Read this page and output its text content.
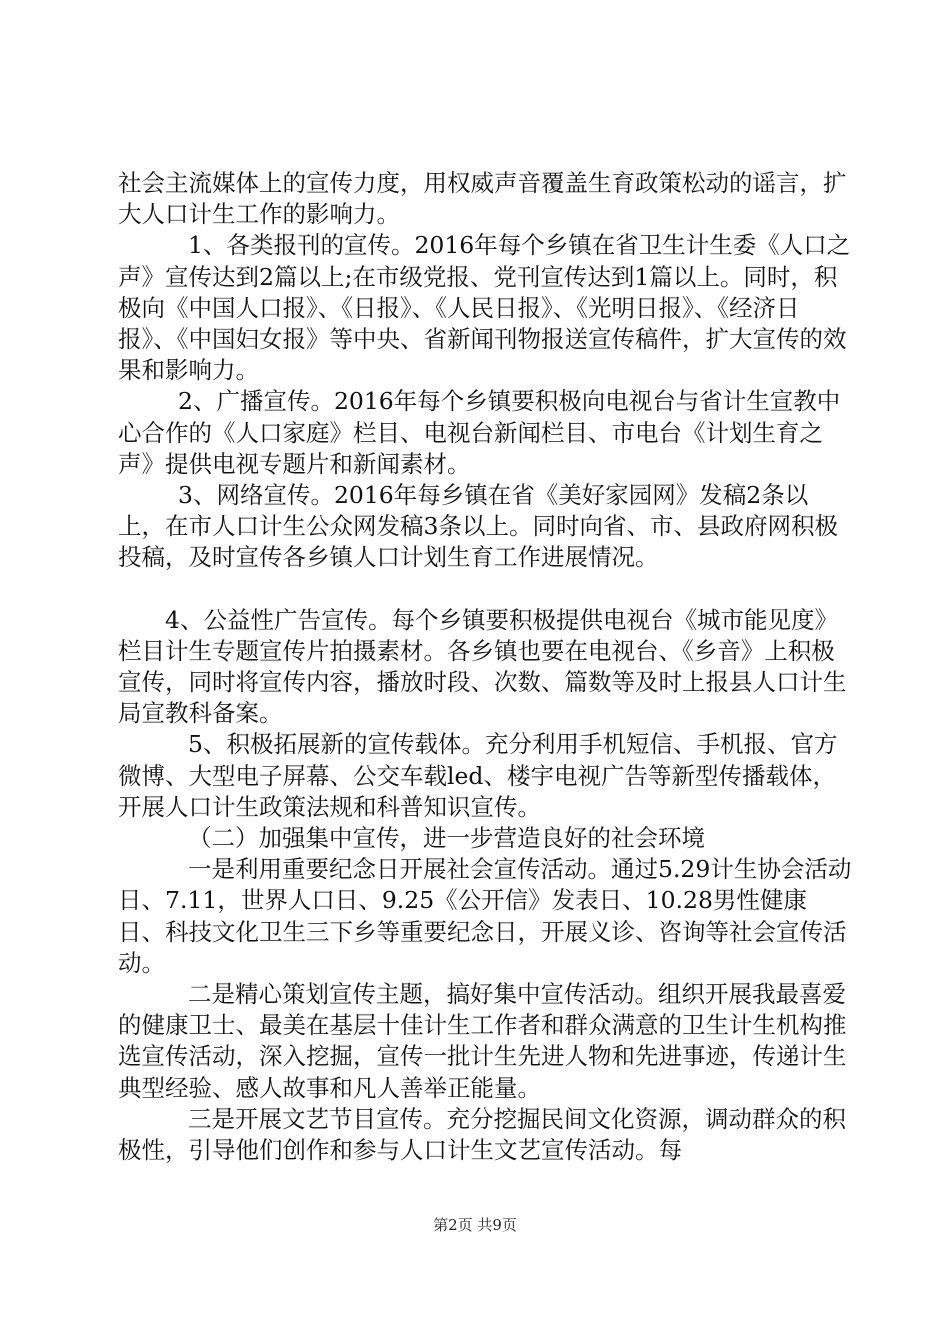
社会主流媒体上的宣传力度，用权威声音覆盖生育政策松动的谣言，扩大人口计生工作的影响力。

1、各类报刊的宣传。2016年每个乡镇在省卫生计生委《人口之声》宣传达到2篇以上;在市级党报、党刊宣传达到1篇以上。同时，积极向《中国人口报》、《日报》、《人民日报》、《光明日报》、《经济日报》、《中国妇女报》等中央、省新闻刊物报送宣传稿件，扩大宣传的效果和影响力。

2、广播宣传。2016年每个乡镇要积极向电视台与省计生宣教中心合作的《人口家庭》栏目、电视台新闻栏目、市电台《计划生育之声》提供电视专题片和新闻素材。

3、网络宣传。2016年每乡镇在省《美好家园网》发稿2条以上，在市人口计生公众网发稿3条以上。同时向省、市、县政府网积极投稿，及时宣传各乡镇人口计划生育工作进展情况。

4、公益性广告宣传。每个乡镇要积极提供电视台《城市能见度》栏目计生专题宣传片拍摄素材。各乡镇也要在电视台、《乡音》上积极宣传，同时将宣传内容，播放时段、次数、篇数等及时上报县人口计生局宣教科备案。

5、积极拓展新的宣传载体。充分利用手机短信、手机报、官方微博、大型电子屏幕、公交车载led、楼宇电视广告等新型传播载体，开展人口计生政策法规和科普知识宣传。

（二）加强集中宣传，进一步营造良好的社会环境

一是利用重要纪念日开展社会宣传活动。通过5.29计生协会活动日、7.11，世界人口日、9.25《公开信》发表日、10.28男性健康日、科技文化卫生三下乡等重要纪念日，开展义诊、咨询等社会宣传活动。

二是精心策划宣传主题，搞好集中宣传活动。组织开展我最喜爱的健康卫士、最美在基层十佳计生工作者和群众满意的卫生计生机构推选宣传活动，深入挖掘，宣传一批计生先进人物和先进事迹，传递计生典型经验、感人故事和凡人善举正能量。

三是开展文艺节目宣传。充分挖掘民间文化资源，调动群众的积极性，引导他们创作和参与人口计生文艺宣传活动。每

第2页 共9页
